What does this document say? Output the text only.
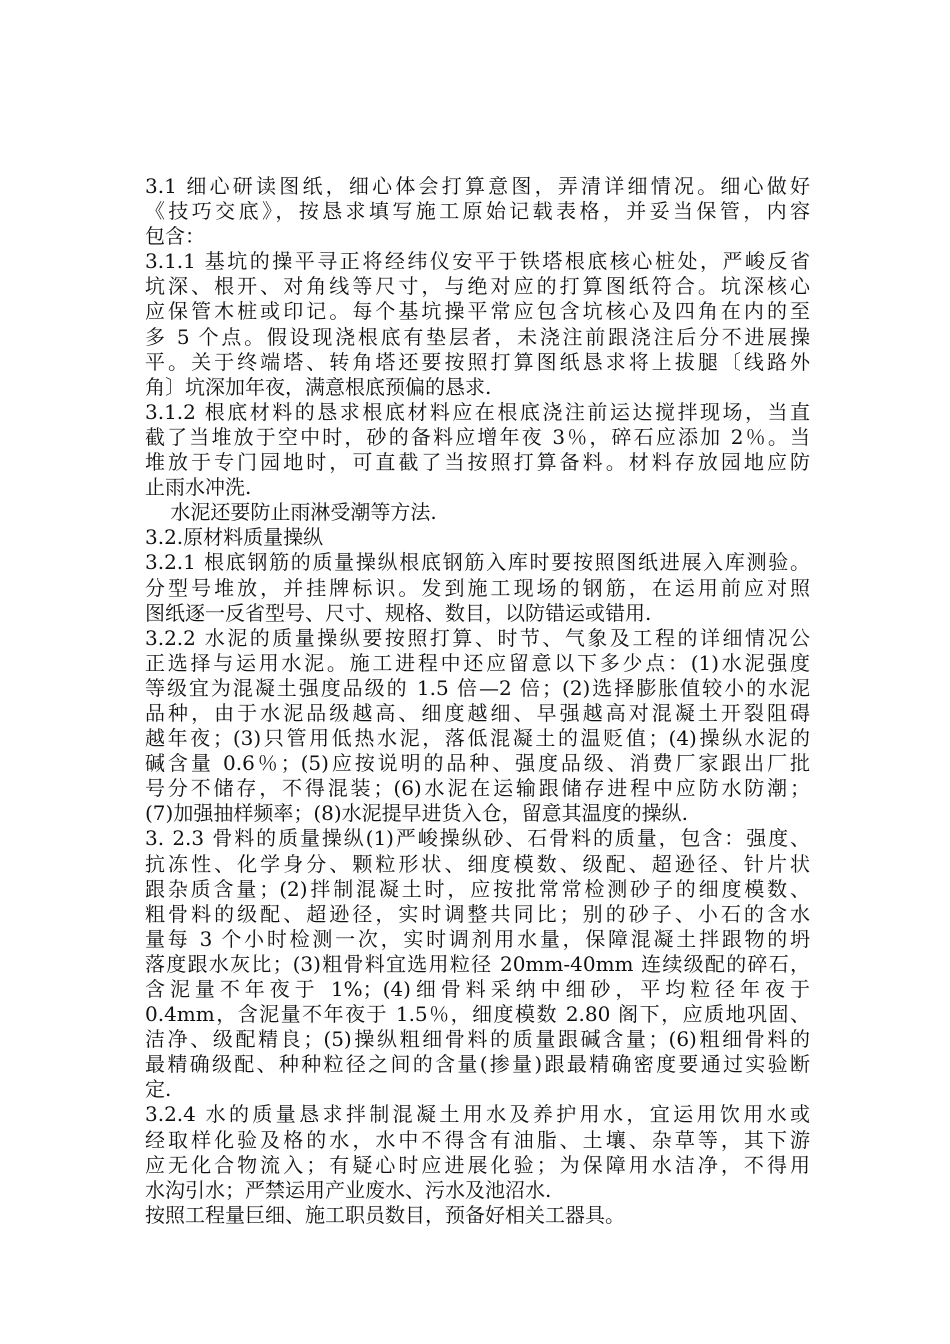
3.1 细心研读图纸，细心体会打算意图，弄清详细情况。细心做好
《技巧交底》，按恳求填写施工原始记载表格，并妥当保管，内容
包含：
3.1.1 基坑的操平寻正将经纬仪安平于铁塔根底核心桩处，严峻反省
坑深、根开、对角线等尺寸，与绝对应的打算图纸符合。坑深核心
应保管木桩或印记。每个基坑操平常应包含坑核心及四角在内的至
多 5 个点。假设现浇根底有垫层者，未浇注前跟浇注后分不进展操
平。关于终端塔、转角塔还要按照打算图纸恳求将上拔腿〔线路外
角〕坑深加年夜，满意根底预偏的恳求.
3.1.2 根底材料的恳求根底材料应在根底浇注前运达搅拌现场，当直
截了当堆放于空中时，砂的备料应增年夜 3％，碎石应添加 2％。当
堆放于专门园地时，可直截了当按照打算备料。材料存放园地应防
止雨水冲洗.
水泥还要防止雨淋受潮等方法.
3.2.原材料质量操纵
3.2.1 根底钢筋的质量操纵根底钢筋入库时要按照图纸进展入库测验。
分型号堆放，并挂牌标识。发到施工现场的钢筋，在运用前应对照
图纸逐一反省型号、尺寸、规格、数目，以防错运或错用.
3.2.2 水泥的质量操纵要按照打算、时节、气象及工程的详细情况公
正选择与运用水泥。施工进程中还应留意以下多少点：(1)水泥强度
等级宜为混凝土强度品级的 1.5 倍—2 倍；(2)选择膨胀值较小的水泥
品种，由于水泥品级越高、细度越细、早强越高对混凝土开裂阻碍
越年夜；(3)只管用低热水泥，落低混凝土的温贬值；(4)操纵水泥的
碱含量 0.6％；(5)应按说明的品种、强度品级、消费厂家跟出厂批
号分不储存，不得混装；(6)水泥在运输跟储存进程中应防水防潮；
(7)加强抽样频率；(8)水泥提早进货入仓，留意其温度的操纵.
3. 2.3 骨料的质量操纵(1)严峻操纵砂、石骨料的质量，包含：强度、
抗冻性、化学身分、颗粒形状、细度模数、级配、超逊径、针片状
跟杂质含量；(2)拌制混凝土时，应按批常常检测砂子的细度模数、
粗骨料的级配、超逊径，实时调整共同比；别的砂子、小石的含水
量每 3 个小时检测一次，实时调剂用水量，保障混凝土拌跟物的坍
落度跟水灰比；(3)粗骨料宜选用粒径 20mm-40mm 连续级配的碎石，
含泥量不年夜于 1%；(4)细骨料采纳中细砂，平均粒径年夜于
0.4mm，含泥量不年夜于 1.5％，细度模数 2.80 阁下，应质地巩固、
洁净、级配精良；(5)操纵粗细骨料的质量跟碱含量；(6)粗细骨料的
最精确级配、种种粒径之间的含量(掺量)跟最精确密度要通过实验断
定.
3.2.4 水的质量恳求拌制混凝土用水及养护用水，宜运用饮用水或
经取样化验及格的水，水中不得含有油脂、土壤、杂草等，其下游
应无化合物流入；有疑心时应进展化验；为保障用水洁净，不得用
水沟引水；严禁运用产业废水、污水及池沼水.
按照工程量巨细、施工职员数目，预备好相关工器具。
